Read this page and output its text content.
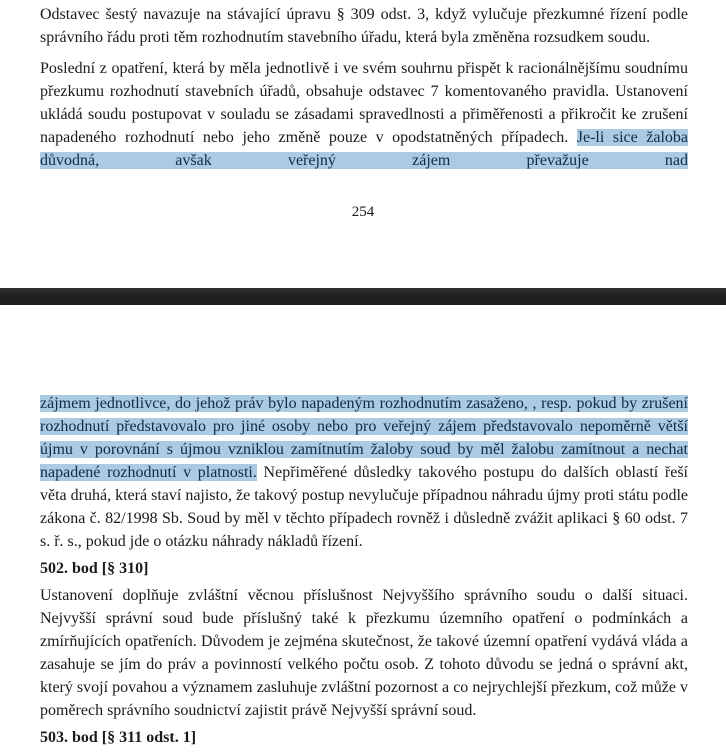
Odstavec šestý navazuje na stávající úpravu § 309 odst. 3, když vylučuje přezkumné řízení podle správního řádu proti těm rozhodnutím stavebního úřadu, která byla změněna rozsudkem soudu.

Poslední z opatření, která by měla jednotlivě i ve svém souhrnu přispět k racionálnějšímu soudnímu přezkumu rozhodnutí stavebních úřadů, obsahuje odstavec 7 komentovaného pravidla. Ustanovení ukládá soudu postupovat v souladu se zásadami spravedlnosti a přiměřenosti a přikročit ke zrušení napadeného rozhodnutí nebo jeho změně pouze v opodstatněných případech. Je-li sice žaloba důvodná, avšak veřejný zájem převažuje nad

254

zájmem jednotlivce, do jehož práv bylo napadeným rozhodnutím zasaženo, , resp. pokud by zrušení rozhodnutí představovalo pro jiné osoby nebo pro veřejný zájem představovalo nepoměrně větší újmu v porovnání s újmou vzniklou zamítnutím žaloby soud by měl žalobu zamítnout a nechat napadené rozhodnutí v platnosti. Nepřiměřené důsledky takového postupu do dalších oblastí řeší věta druhá, která staví najisto, že takový postup nevylučuje případnou náhradu újmy proti státu podle zákona č. 82/1998 Sb. Soud by měl v těchto případech rovněž i důsledně zvážit aplikaci § 60 odst. 7 s. ř. s., pokud jde o otázku náhrady nákladů řízení.

502. bod [§ 310]

Ustanovení doplňuje zvláštní věcnou příslušnost Nejvyššího správního soudu o další situaci. Nejvyšší správní soud bude příslušný také k přezkumu územního opatření o podmínkách a zmírňujících opatřeních. Důvodem je zejména skutečnost, že takové územní opatření vydává vláda a zasahuje se jím do práv a povinností velkého počtu osob. Z tohoto důvodu se jedná o správní akt, který svojí povahou a významem zasluhuje zvláštní pozornost a co nejrychlejší přezkum, což může v poměrech správního soudnictví zajistit právě Nejvyšší správní soud.

503. bod [§ 311 odst. 1]
